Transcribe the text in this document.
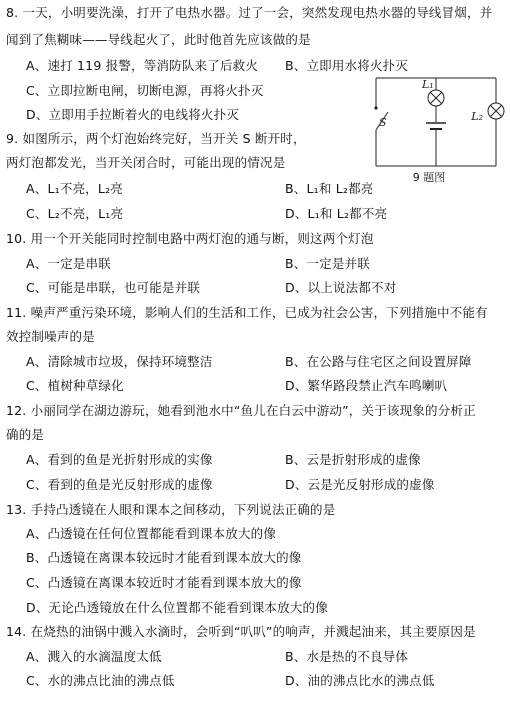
8. 一天，小明要洗澡，打开了电热水器。过了一会，突然发现电热水器的导线冒烟，并
闻到了焦糊味——导线起火了，此时他首先应该做的是
A、速打 119 报警，等消防队来了后救火 B、立即用水将火扑灭
C、立即拉断电闸，切断电源，再将火扑灭
D、立即用手拉断着火的电线将火扑灭
9. 如图所示，两个灯泡始终完好，当开关 S 断开时，
两灯泡都发光，当开关闭合时，可能出现的情况是
A、L₁不亮，L₂亮	B、L₁和 L₂都亮
C、L₂不亮，L₁亮	D、L₁和 L₂都不亮
S
L₁
L₂
9 题图
10. 用一个开关能同时控制电路中两灯泡的通与断，则这两个灯泡
A、一定是串联	B、一定是并联
C、可能是串联，也可能是并联	D、以上说法都不对
11. 噪声严重污染环境，影响人们的生活和工作，已成为社会公害，下列措施中不能有
效控制噪声的是
A、清除城市垃圾，保持环境整洁	B、在公路与住宅区之间设置屏障
C、植树种草绿化	D、繁华路段禁止汽车鸣喇叭
12. 小丽同学在湖边游玩，她看到池水中“鱼儿在白云中游动”，关于该现象的分析正
确的是
A、看到的鱼是光折射形成的实像	B、云是折射形成的虚像
C、看到的鱼是光反射形成的虚像	D、云是光反射形成的虚像
13. 手持凸透镜在人眼和课本之间移动，下列说法正确的是
A、凸透镜在任何位置都能看到课本放大的像
B、凸透镜在离课本较远时才能看到课本放大的像
C、凸透镜在离课本较近时才能看到课本放大的像
D、无论凸透镜放在什么位置都不能看到课本放大的像
14. 在烧热的油锅中溅入水滴时，会听到“叭叭”的响声，并溅起油来，其主要原因是
A、溅入的水滴温度太低	B、水是热的不良导体
C、水的沸点比油的沸点低	D、油的沸点比水的沸点低
